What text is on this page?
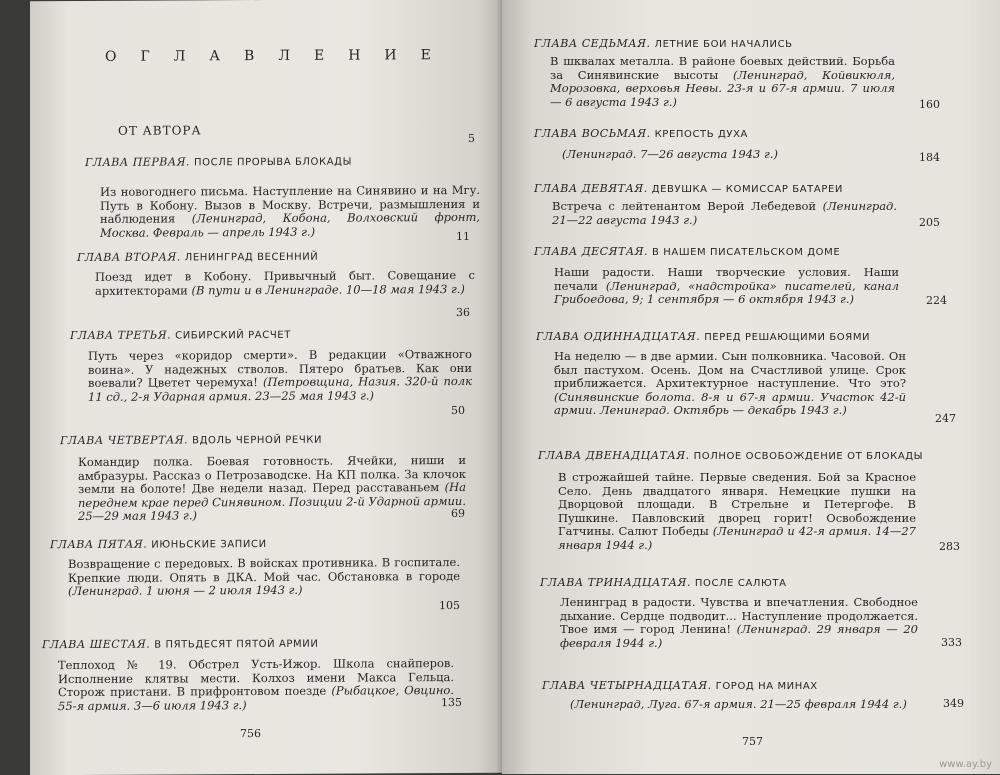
ОГЛАВЛЕНИЕ
ОТ АВТОРА
5
ГЛАВА ПЕРВАЯ. ПОСЛЕ ПРОРЫВА БЛОКАДЫ
Из новогоднего письма. Наступление на Синявино и на Мгу. Путь в Кобону. Вызов в Москву. Встречи, размышления и наблюдения (Ленинград, Кобона, Волховский фронт, Москва. Февраль — апрель 1943 г.)	11
ГЛАВА ВТОРАЯ. ЛЕНИНГРАД ВЕСЕННИЙ
Поезд идет в Кобону. Привычный быт. Совещание с архитекторами (В пути и в Ленинграде. 10—18 мая 1943 г.)
36
ГЛАВА ТРЕТЬЯ. СИБИРСКИЙ РАСЧЕТ
Путь через «коридор смерти». В редакции «Отважного воина». У надежных стволов. Пятеро братьев. Как они воевали? Цветет черемуха! (Петровщина, Назия. 320-й полк 11 сд., 2-я Ударная армия. 23—25 мая 1943 г.)
50
ГЛАВА ЧЕТВЕРТАЯ. ВДОЛЬ ЧЕРНОЙ РЕЧКИ
Командир полка. Боевая готовность. Ячейки, ниши и амбразуры. Рассказ о Петрозаводске. На КП полка. За клочок земли на болоте! Две недели назад. Перед расставаньем (На переднем крае перед Синявином. Позиции 2-й Ударной армии. 25—29 мая 1943 г.)	69
ГЛАВА ПЯТАЯ. ИЮНЬСКИЕ ЗАПИСИ
Возвращение с передовых. В войсках противника. В госпитале. Крепкие люди. Опять в ДКА. Мой час. Обстановка в городе (Ленинград. 1 июня — 2 июля 1943 г.)
105
ГЛАВА ШЕСТАЯ. В ПЯТЬДЕСЯТ ПЯТОЙ АРМИИ
Теплоход № 19. Обстрел Усть-Ижор. Школа снайперов. Исполнение клятвы мести. Колхоз имени Макса Гельца. Сторож пристани. В прифронтовом поезде (Рыбацкое, Овцино. 55-я армия. 3—6 июля 1943 г.)	135
756
ГЛАВА СЕДЬМАЯ. ЛЕТНИЕ БОИ НАЧАЛИСЬ
В шквалах металла. В районе боевых действий. Борьба за Синявинские высоты (Ленинград, Койвикюля, Морозовка, верховья Невы. 23-я и 67-я армии. 7 июля — 6 августа 1943 г.)	160
ГЛАВА ВОСЬМАЯ. КРЕПОСТЬ ДУХА
(Ленинград. 7—26 августа 1943 г.)	184
ГЛАВА ДЕВЯТАЯ. ДЕВУШКА — КОМИССАР БАТАРЕИ
Встреча с лейтенантом Верой Лебедевой (Ленинград. 21—22 августа 1943 г.)	205
ГЛАВА ДЕСЯТАЯ. В НАШЕМ ПИСАТЕЛЬСКОМ ДОМЕ
Наши радости. Наши творческие условия. Наши печали (Ленинград, «надстройка» писателей, канал Грибоедова, 9; 1 сентября — 6 октября 1943 г.)	224
ГЛАВА ОДИННАДЦАТАЯ. ПЕРЕД РЕШАЮЩИМИ БОЯМИ
На неделю — в две армии. Сын полковника. Часовой. Он был пастухом. Осень. Дом на Счастливой улице. Срок приближается. Архитектурное наступление. Что это? (Синявинские болота. 8-я и 67-я армии. Участок 42-й армии. Ленинград. Октябрь — декабрь 1943 г.)
247
ГЛАВА ДВЕНАДЦАТАЯ. ПОЛНОЕ ОСВОБОЖДЕНИЕ ОТ БЛОКАДЫ
В строжайшей тайне. Первые сведения. Бой за Красное Село. День двадцатого января. Немецкие пушки на Дворцовой площади. В Стрельне и Петергофе. В Пушкине. Павловский дворец горит! Освобождение Гатчины. Салют Победы (Ленинград и 42-я армия. 14—27 января 1944 г.)	283
ГЛАВА ТРИНАДЦАТАЯ. ПОСЛЕ САЛЮТА
Ленинград в радости. Чувства и впечатления. Свободное дыхание. Сердце подводит... Наступление продолжается. Твое имя — город Ленина! (Ленинград. 29 января — 20 февраля 1944 г.)	333
ГЛАВА ЧЕТЫРНАДЦАТАЯ. ГОРОД НА МИНАХ
(Ленинград, Луга. 67-я армия. 21—25 февраля 1944 г.)	349
757
www.ay.by
